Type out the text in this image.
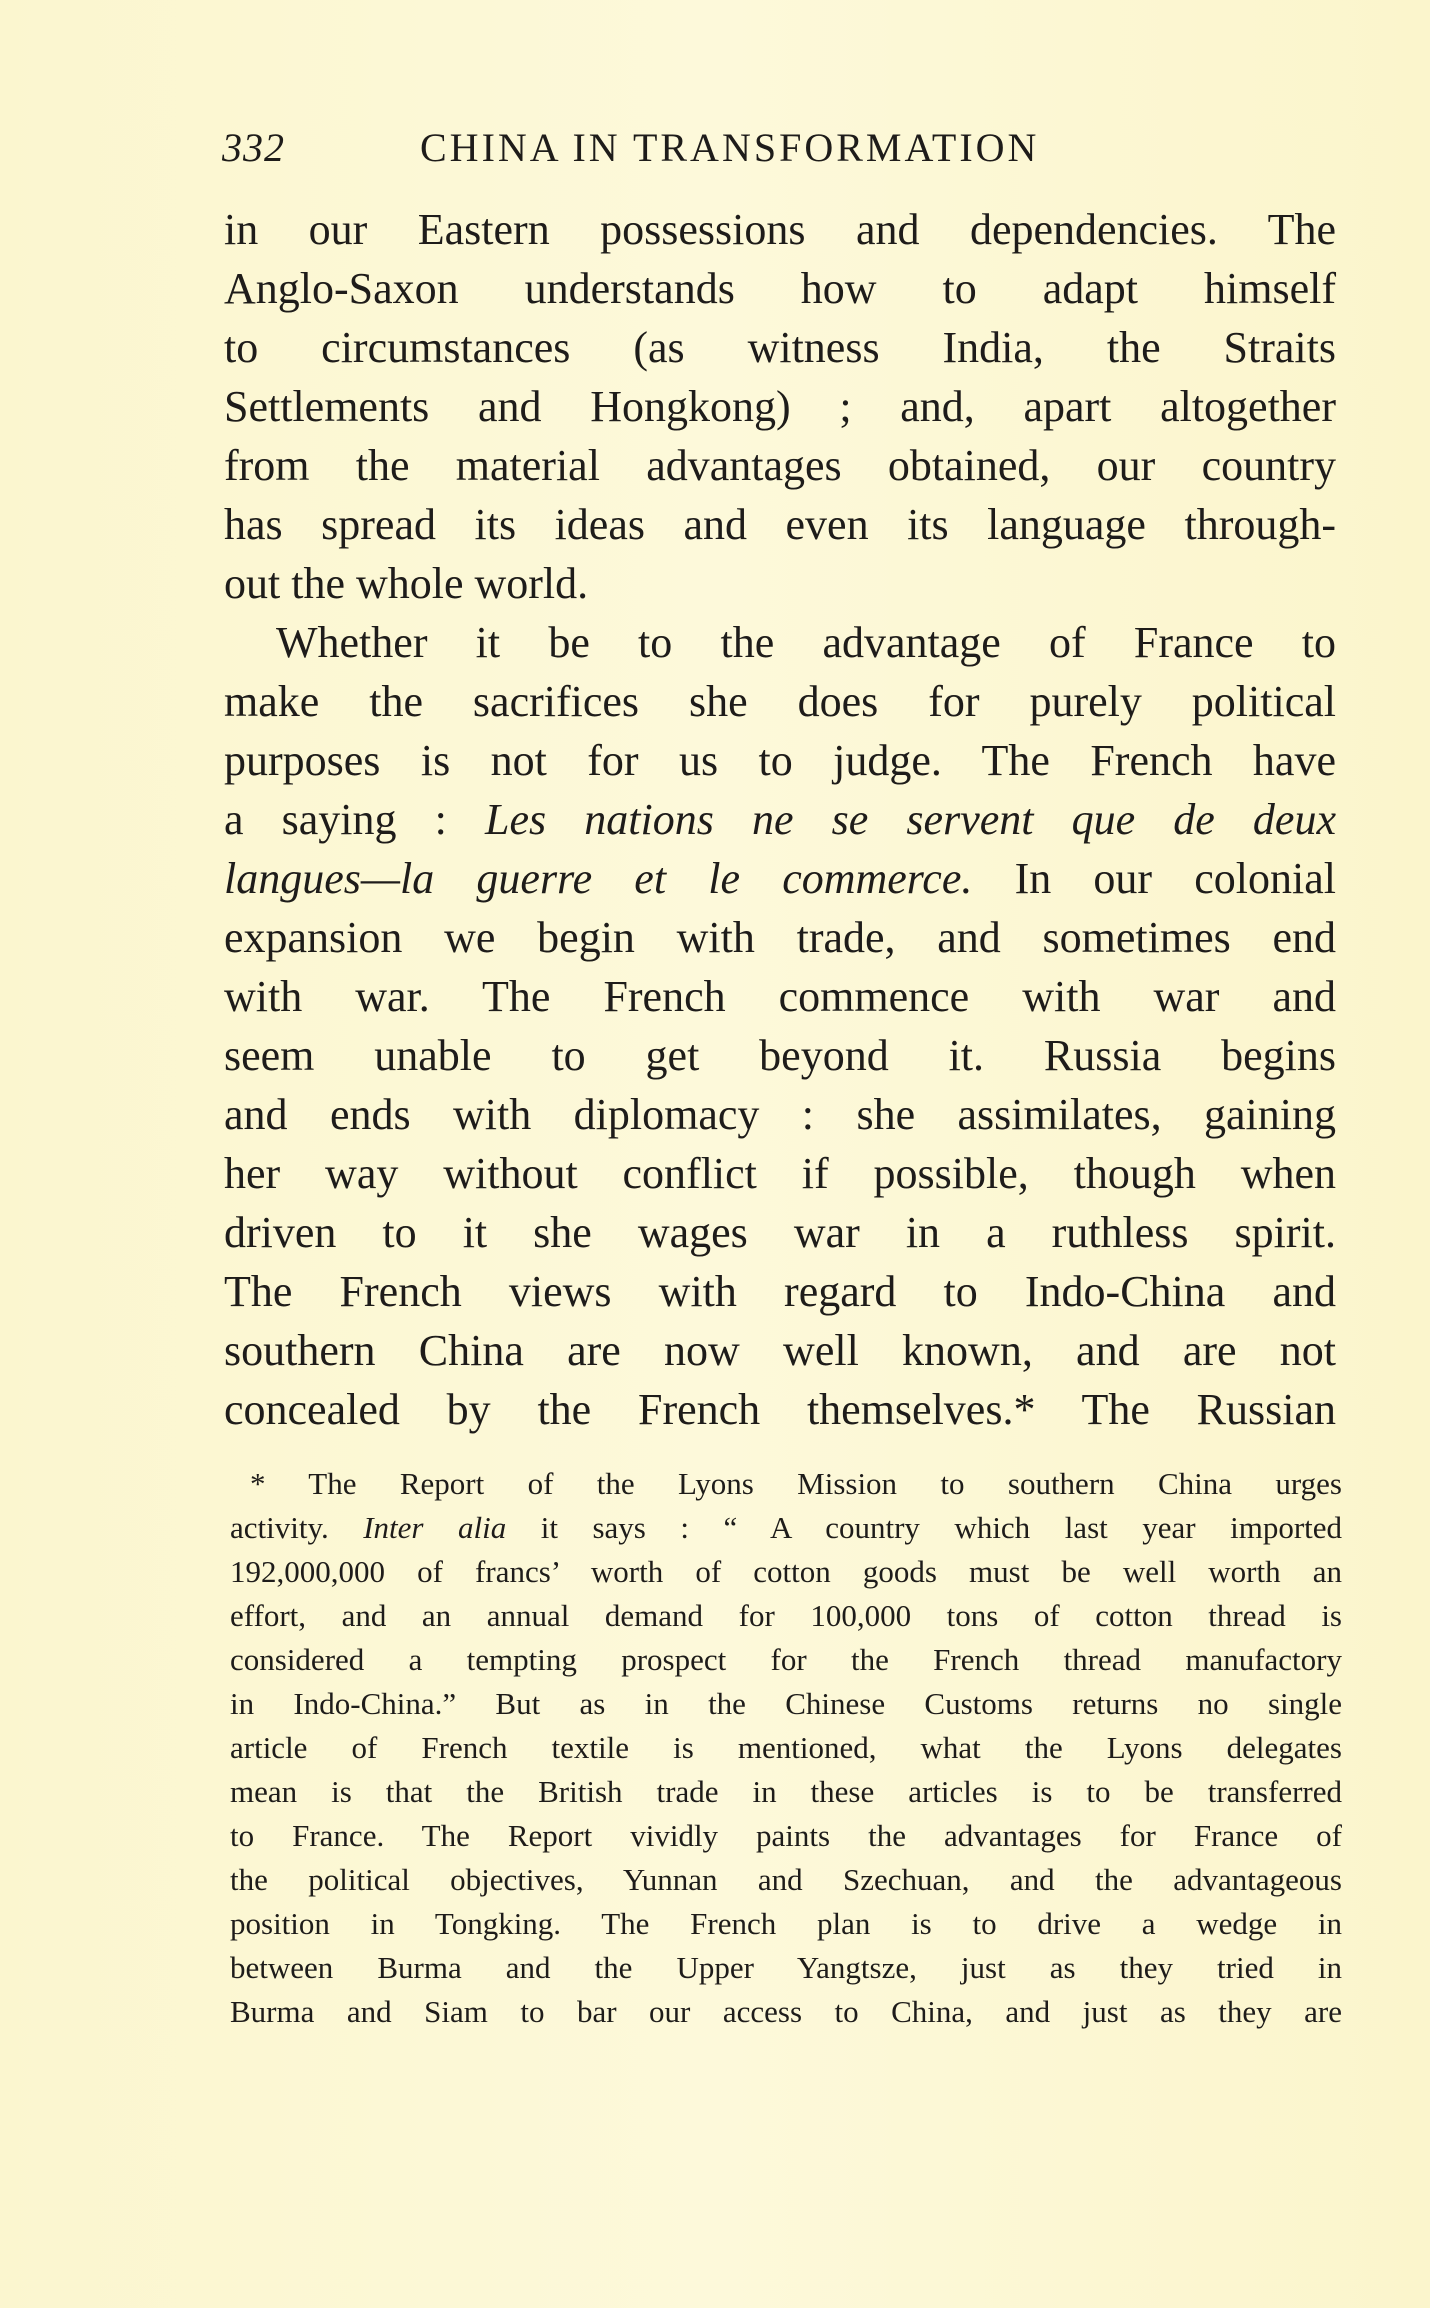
332	CHINA IN TRANSFORMATION
in our Eastern possessions and dependencies. The
Anglo-Saxon understands how to adapt himself
to circumstances (as witness India, the Straits
Settlements and Hongkong) ; and, apart altogether
from the material advantages obtained, our country
has spread its ideas and even its language through-
out the whole world.
Whether it be to the advantage of France to
make the sacrifices she does for purely political
purposes is not for us to judge. The French have
a saying : Les nations ne se servent que de deux
langues—la guerre et le commerce. In our colonial
expansion we begin with trade, and sometimes end
with war. The French commence with war and
seem unable to get beyond it. Russia begins
and ends with diplomacy : she assimilates, gaining
her way without conflict if possible, though when
driven to it she wages war in a ruthless spirit.
The French views with regard to Indo-China and
southern China are now well known, and are not
concealed by the French themselves.* The Russian
* The Report of the Lyons Mission to southern China urges
activity. Inter alia it says : “ A country which last year imported
192,000,000 of francs’ worth of cotton goods must be well worth an
effort, and an annual demand for 100,000 tons of cotton thread is
considered a tempting prospect for the French thread manufactory
in Indo-China.” But as in the Chinese Customs returns no single
article of French textile is mentioned, what the Lyons delegates
mean is that the British trade in these articles is to be transferred
to France. The Report vividly paints the advantages for France of
the political objectives, Yunnan and Szechuan, and the advantageous
position in Tongking. The French plan is to drive a wedge in
between Burma and the Upper Yangtsze, just as they tried in
Burma and Siam to bar our access to China, and just as they are
